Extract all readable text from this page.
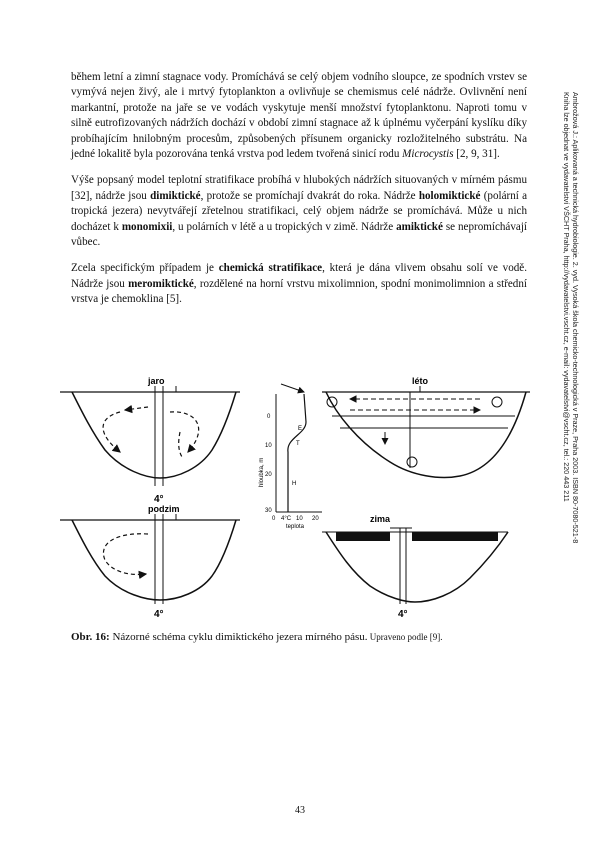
během letní a zimní stagnace vody. Promíchává se celý objem vodního sloupce, ze spodních vrstev se vymývá nejen živý, ale i mrtvý fytoplankton a ovlivňuje se chemismus celé nádrže. Ovlivnění není markantní, protože na jaře se ve vodách vyskytuje menší množství fytoplanktonu. Naproti tomu v silně eutrofizovaných nádržích dochází v období zimní stagnace až k úplnému vyčerpání kyslíku díky probíhajícím hnilobným procesům, způsobených přísunem organicky rozložitelného substrátu. Na jedné lokalitě byla pozorována tenká vrstva pod ledem tvořená sinicí rodu Microcystis [2, 9, 31].

Výše popsaný model teplotní stratifikace probíhá v hlubokých nádržích situovaných v mírném pásmu [32], nádrže jsou dimiktické, protože se promíchají dvakrát do roka. Nádrže holomiktické (polární a tropická jezera) nevytvářejí zřetelnou stratifikaci, celý objem nádrže se promíchává. Může u nich docházet k monomixii, u polárních v létě a u tropických v zimě. Nádrže amiktické se nepromíchávají vůbec.

Zcela specifickým případem je chemická stratifikace, která je dána vlivem obsahu solí ve vodě. Nádrže jsou meromiktické, rozdělené na horní vrstvu mixolimnion, spodní monimolimnion a střední vrstva je chemoklina [5].	Ambrožová J.: Aplikovaná a technická hydrobiologie. 2. vyd. Vysoká škola chemicko-technologická v Praze, Praha 2003. ISBN 80-7080-521-8
Kniha lze objednat ve vydavatelství VŠCHT Praha, http://vydavatelstvi.vscht.cz, e-mail: vydavatelstvi@vscht.cz, tel.: 220 443 211
jaro
4°
hloubka, m
0
10
20
30
0 4°C 10 20
teplota
E
T
H
léto
podzim
4°
zima
4°
Obr. 16: Názorné schéma cyklu dimiktického jezera mírného pásu. Upraveno podle [9].
43
